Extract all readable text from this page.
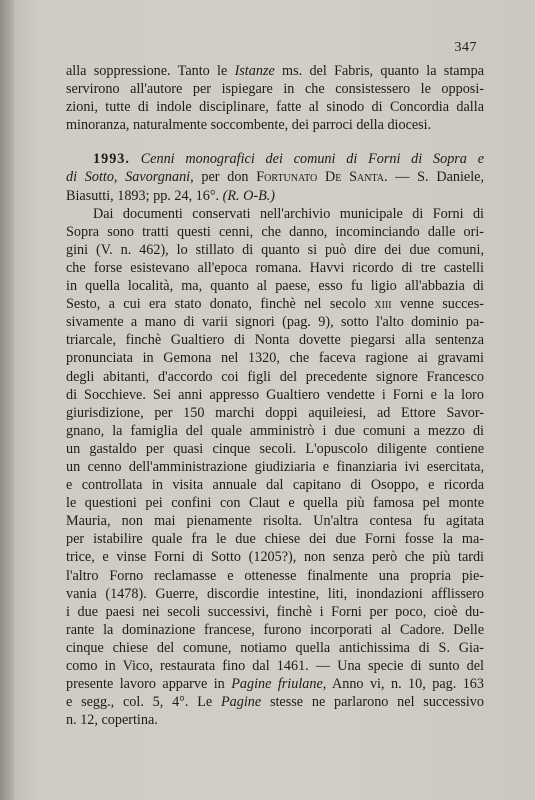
347
alla soppressione. Tanto le Istanze ms. del Fabris, quanto la stampa
servirono all'autore per ispiegare in che consistessero le opposi-
zioni, tutte di indole disciplinare, fatte al sinodo di Concordia dalla
minoranza, naturalmente soccombente, dei parroci della diocesi.
1993. Cenni monografici dei comuni di Forni di Sopra e
di Sotto, Savorgnani, per don Fortunato De Santa. — S. Daniele,
Biasutti, 1893; pp. 24, 16°. (R. O-B.)
Dai documenti conservati nell'archivio municipale di Forni di
Sopra sono tratti questi cenni, che danno, incominciando dalle ori-
gini (V. n. 462), lo stillato di quanto si può dire dei due comuni,
che forse esistevano all'epoca romana. Havvi ricordo di tre castelli
in quella località, ma, quanto al paese, esso fu ligio all'abbazia di
Sesto, a cui era stato donato, finchè nel secolo xiii venne succes-
sivamente a mano di varii signori (pag. 9), sotto l'alto dominio pa-
triarcale, finchè Gualtiero di Nonta dovette piegarsi alla sentenza
pronunciata in Gemona nel 1320, che faceva ragione ai gravami
degli abitanti, d'accordo coi figli del precedente signore Francesco
di Socchieve. Sei anni appresso Gualtiero vendette i Forni e la loro
giurisdizione, per 150 marchi doppi aquileiesi, ad Ettore Savor-
gnano, la famiglia del quale amministrò i due comuni a mezzo di
un gastaldo per quasi cinque secoli. L'opuscolo diligente contiene
un cenno dell'amministrazione giudiziaria e finanziaria ivi esercitata,
e controllata in visita annuale dal capitano di Osoppo, e ricorda
le questioni pei confini con Claut e quella più famosa pel monte
Mauria, non mai pienamente risolta. Un'altra contesa fu agitata
per istabilire quale fra le due chiese dei due Forni fosse la ma-
trice, e vinse Forni di Sotto (1205?), non senza però che più tardi
l'altro Forno reclamasse e ottenesse finalmente una propria pie-
vania (1478). Guerre, discordie intestine, liti, inondazioni afflissero
i due paesi nei secoli successivi, finchè i Forni per poco, cioè du-
rante la dominazione francese, furono incorporati al Cadore. Delle
cinque chiese del comune, notiamo quella antichissima di S. Gia-
como in Vico, restaurata fino dal 1461. — Una specie di sunto del
presente lavoro apparve in Pagine friulane, Anno vi, n. 10, pag. 163
e segg., col. 5, 4°. Le Pagine stesse ne parlarono nel successivo
n. 12, copertina.
